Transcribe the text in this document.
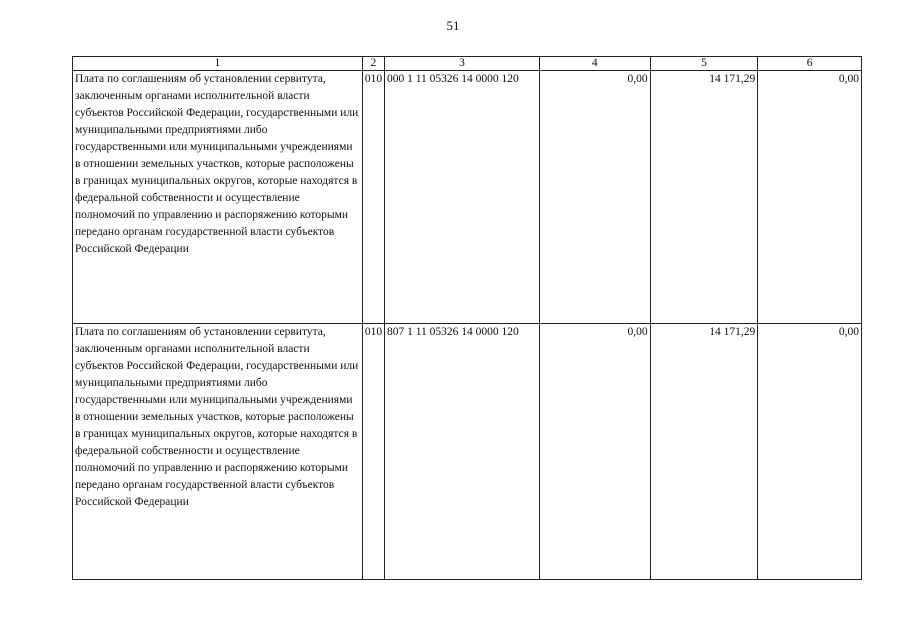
51
1	2	3	4	5	6
Плата по соглашениям об установлении сервитута, заключенным органами исполнительной власти субъектов Российской Федерации, государственными или муниципальными предприятиями либо государственными или муниципальными учреждениями в отношении земельных участков, которые расположены в границах муниципальных округов, которые находятся в федеральной собственности и осуществление полномочий по управлению и распоряжению которыми передано органам государственной власти субъектов Российской Федерации	010	000 1 11 05326 14 0000 120	0,00	14 171,29	0,00
Плата по соглашениям об установлении сервитута, заключенным органами исполнительной власти субъектов Российской Федерации, государственными или муниципальными предприятиями либо государственными или муниципальными учреждениями в отношении земельных участков, которые расположены в границах муниципальных округов, которые находятся в федеральной собственности и осуществление полномочий по управлению и распоряжению которыми передано органам государственной власти субъектов Российской Федерации	010	807 1 11 05326 14 0000 120	0,00	14 171,29	0,00
